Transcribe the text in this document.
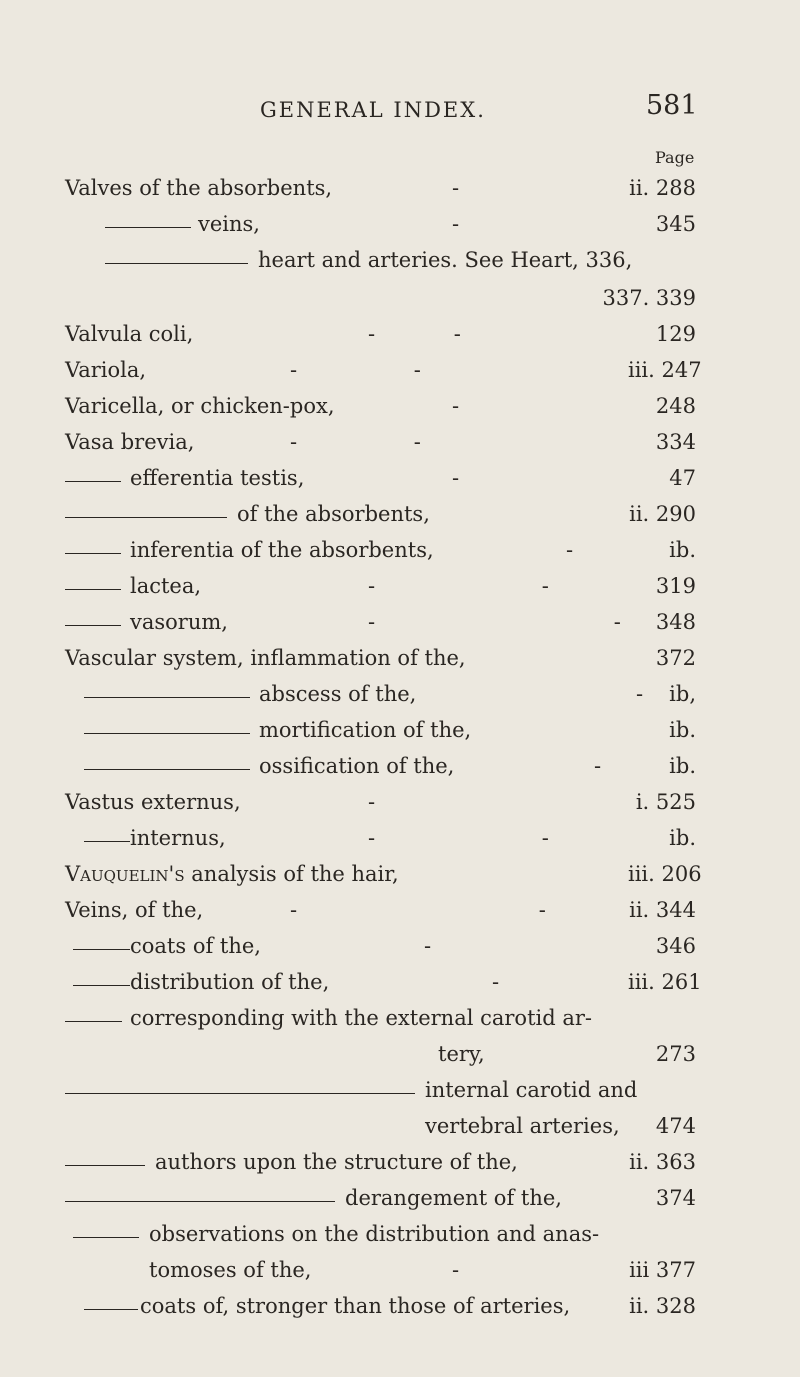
GENERAL INDEX.	581
Page
Valves of the absorbents,	-	ii. 288
veins,	-	345
heart and arteries. See Heart, 336,
337. 339
Valvula coli,	- -	129
Variola,	- -	iii. 247
Varicella, or chicken-pox,	-	248
Vasa brevia,	- -	334
efferentia testis,	-	47
of the absorbents,	ii. 290
inferentia of the absorbents,	-	ib.
lactea,	- -	319
vasorum,	- -	348
Vascular system, inflammation of the,	372
abscess of the,	-	ib,
mortification of the,	ib.
ossification of the,	-	ib.
Vastus externus,	-	i. 525
internus,	- -	ib.
Vauquelin's analysis of the hair,	iii. 206
Veins, of the,	- -	ii. 344
coats of the,	-	346
distribution of the,	-	iii. 261
corresponding with the external carotid ar-
tery,	273
internal carotid and
vertebral arteries,	474
authors upon the structure of the,	ii. 363
derangement of the,	374
observations on the distribution and anas-
tomoses of the,	-	iii 377
coats of, stronger than those of arteries,	ii. 328
